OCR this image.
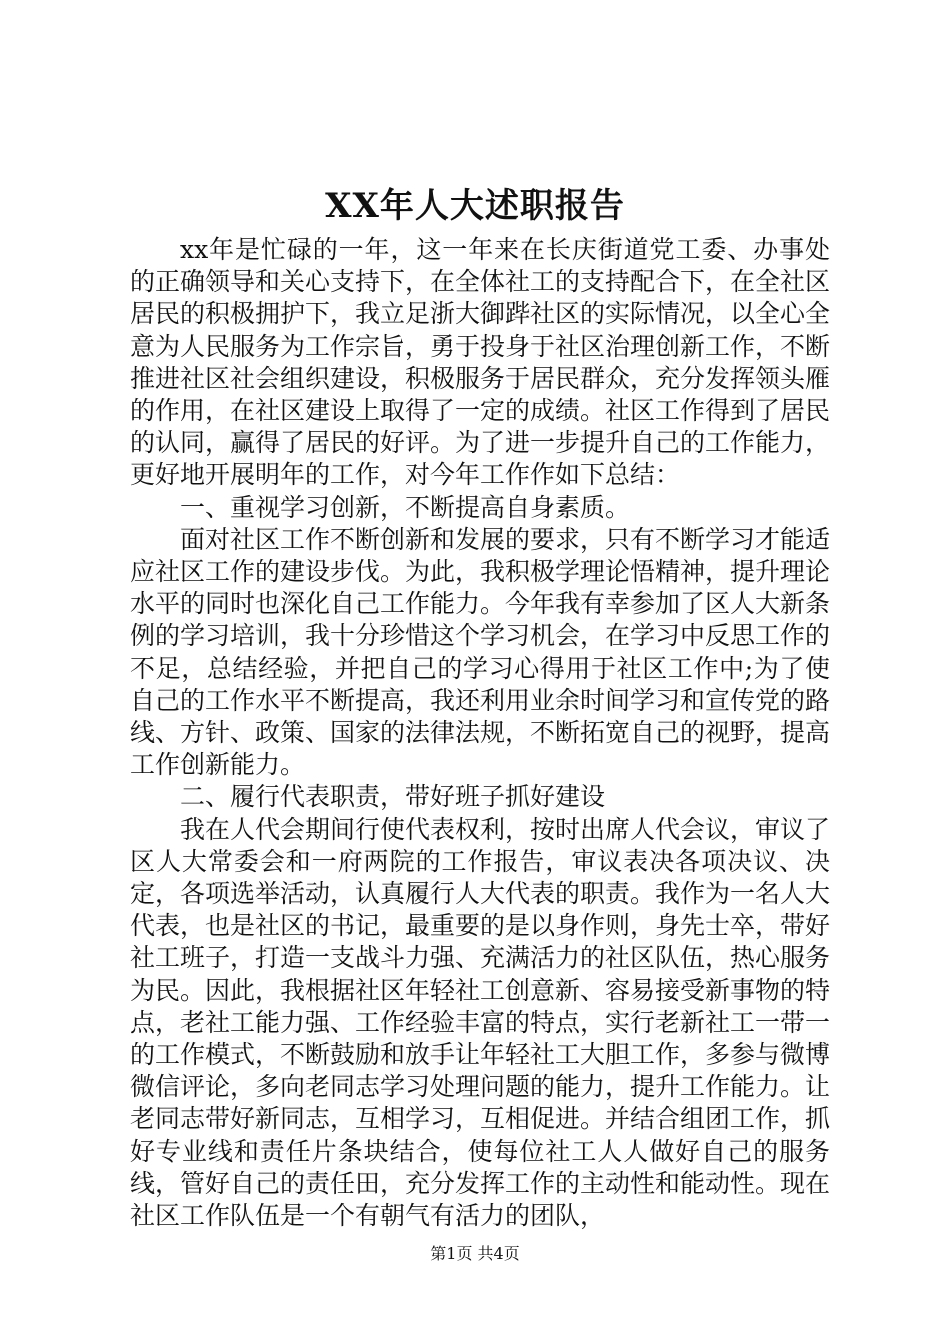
XX年人大述职报告

xx年是忙碌的一年，这一年来在长庆街道党工委、办事处的正确领导和关心支持下，在全体社工的支持配合下，在全社区居民的积极拥护下，我立足浙大御跸社区的实际情况，以全心全意为人民服务为工作宗旨，勇于投身于社区治理创新工作，不断推进社区社会组织建设，积极服务于居民群众，充分发挥领头雁的作用，在社区建设上取得了一定的成绩。社区工作得到了居民的认同，赢得了居民的好评。为了进一步提升自己的工作能力，更好地开展明年的工作，对今年工作作如下总结：

一、重视学习创新，不断提高自身素质。

面对社区工作不断创新和发展的要求，只有不断学习才能适应社区工作的建设步伐。为此，我积极学理论悟精神，提升理论水平的同时也深化自己工作能力。今年我有幸参加了区人大新条例的学习培训，我十分珍惜这个学习机会，在学习中反思工作的不足，总结经验，并把自己的学习心得用于社区工作中;为了使自己的工作水平不断提高，我还利用业余时间学习和宣传党的路线、方针、政策、国家的法律法规，不断拓宽自己的视野，提高工作创新能力。

二、履行代表职责，带好班子抓好建设

我在人代会期间行使代表权利，按时出席人代会议，审议了区人大常委会和一府两院的工作报告，审议表决各项决议、决定，各项选举活动，认真履行人大代表的职责。我作为一名人大代表，也是社区的书记，最重要的是以身作则，身先士卒，带好社工班子，打造一支战斗力强、充满活力的社区队伍，热心服务为民。因此，我根据社区年轻社工创意新、容易接受新事物的特点，老社工能力强、工作经验丰富的特点，实行老新社工一带一的工作模式，不断鼓励和放手让年轻社工大胆工作，多参与微博微信评论，多向老同志学习处理问题的能力，提升工作能力。让老同志带好新同志，互相学习，互相促进。并结合组团工作，抓好专业线和责任片条块结合，使每位社工人人做好自己的服务线，管好自己的责任田，充分发挥工作的主动性和能动性。现在社区工作队伍是一个有朝气有活力的团队，

第1页 共4页
